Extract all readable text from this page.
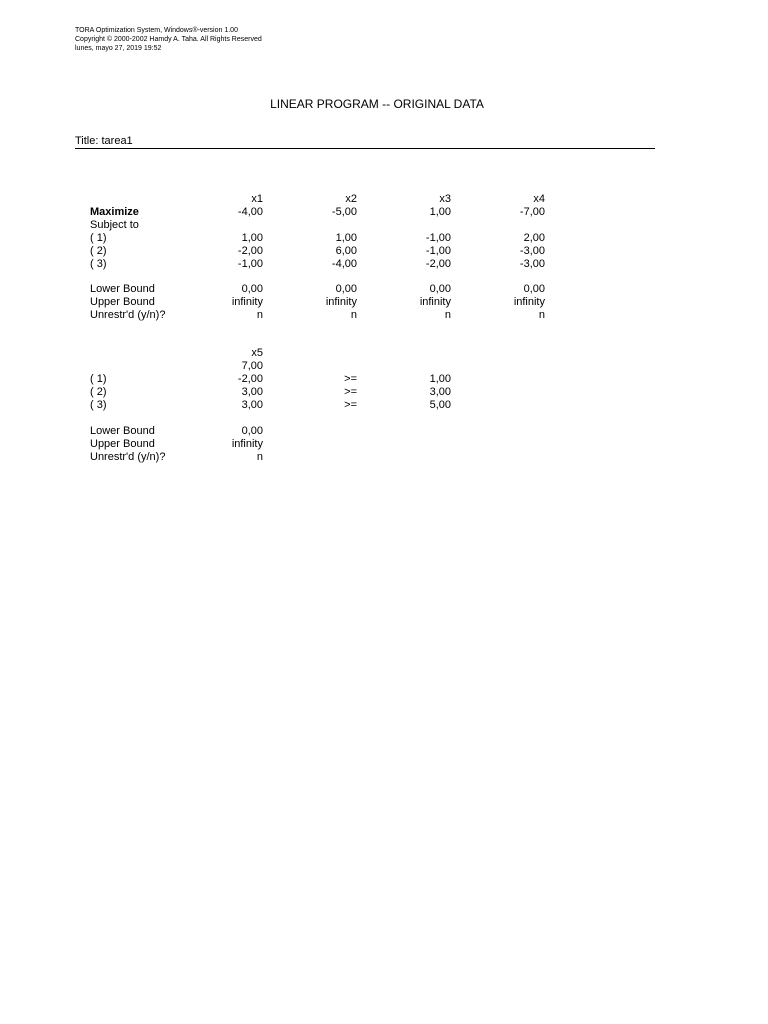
TORA Optimization System, Windows®-version 1.00
Copyright © 2000-2002 Hamdy A. Taha. All Rights Reserved
lunes, mayo 27, 2019 19:52
LINEAR PROGRAM -- ORIGINAL DATA
Title: tarea1
x1	x2	x3	x4
Maximize	-4,00	-5,00	1,00	-7,00
Subject to
( 1)	1,00	1,00	-1,00	2,00
( 2)	-2,00	6,00	-1,00	-3,00
( 3)	-1,00	-4,00	-2,00	-3,00
Lower Bound	0,00	0,00	0,00	0,00
Upper Bound	infinity	infinity	infinity	infinity
Unrestr'd (y/n)?	n	n	n	n
x5
7,00
( 1)	-2,00	>=	1,00
( 2)	3,00	>=	3,00
( 3)	3,00	>=	5,00
Lower Bound	0,00
Upper Bound	infinity
Unrestr'd (y/n)?	n
